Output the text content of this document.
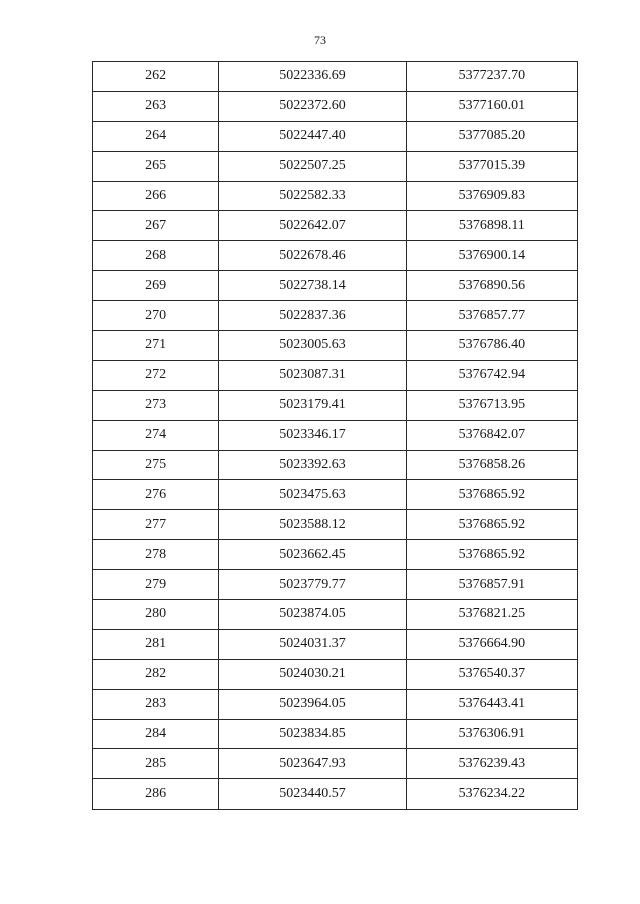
73
262	5022336.69	5377237.70
263	5022372.60	5377160.01
264	5022447.40	5377085.20
265	5022507.25	5377015.39
266	5022582.33	5376909.83
267	5022642.07	5376898.11
268	5022678.46	5376900.14
269	5022738.14	5376890.56
270	5022837.36	5376857.77
271	5023005.63	5376786.40
272	5023087.31	5376742.94
273	5023179.41	5376713.95
274	5023346.17	5376842.07
275	5023392.63	5376858.26
276	5023475.63	5376865.92
277	5023588.12	5376865.92
278	5023662.45	5376865.92
279	5023779.77	5376857.91
280	5023874.05	5376821.25
281	5024031.37	5376664.90
282	5024030.21	5376540.37
283	5023964.05	5376443.41
284	5023834.85	5376306.91
285	5023647.93	5376239.43
286	5023440.57	5376234.22
